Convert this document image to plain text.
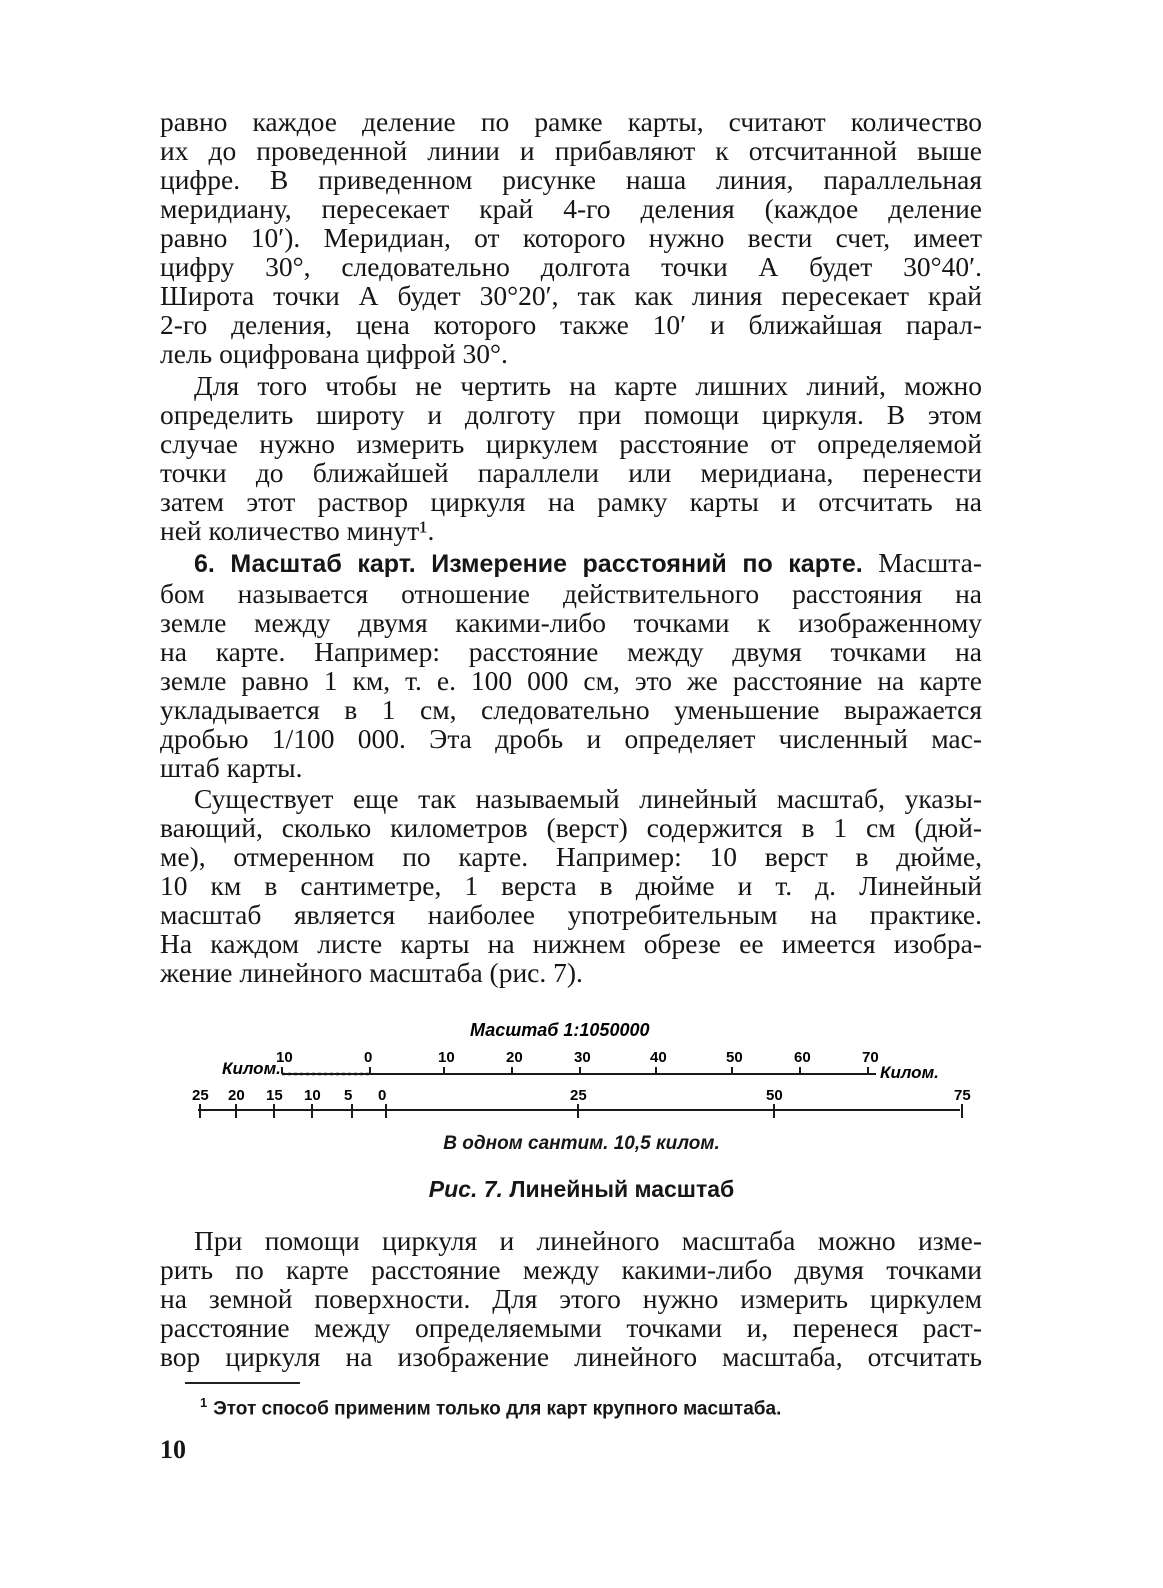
равно каждое деление по рамке карты, считают количество
их до проведенной линии и прибавляют к отсчитанной выше
цифре. В приведенном рисунке наша линия, параллельная
меридиану, пересекает край 4-го деления (каждое деление
равно 10′). Меридиан, от которого нужно вести счет, имеет
цифру 30°, следовательно долгота точки А будет 30°40′.
Широта точки А будет 30°20′, так как линия пересекает край
2-го деления, цена которого также 10′ и ближайшая парал-
лель оцифрована цифрой 30°.
Для того чтобы не чертить на карте лишних линий, можно
определить широту и долготу при помощи циркуля. В этом
случае нужно измерить циркулем расстояние от определяемой
точки до ближайшей параллели или меридиана, перенести
затем этот раствор циркуля на рамку карты и отсчитать на
ней количество минут¹.
6. Масштаб карт. Измерение расстояний по карте. Масшта-
бом называется отношение действительного расстояния на
земле между двумя какими-либо точками к изображенному
на карте. Например: расстояние между двумя точками на
земле равно 1 км, т. е. 100 000 см, это же расстояние на карте
укладывается в 1 см, следовательно уменьшение выражается
дробью 1/100 000. Эта дробь и определяет численный мас-
штаб карты.
Существует еще так называемый линейный масштаб, указы-
вающий, сколько километров (верст) содержится в 1 см (дюй-
ме), отмеренном по карте. Например: 10 верст в дюйме,
10 км в сантиметре, 1 верста в дюйме и т. д. Линейный
масштаб является наиболее употребительным на практике.
На каждом листе карты на нижнем обрезе ее имеется изобра-
жение линейного масштаба (рис. 7).
Масштаб 1:1050000
Килом.	Килом.
10	0	10	20	30	40	50	60	70
25 20 15 10 5 0	25	50	75
В одном сантим. 10,5 килом.
Рис. 7. Линейный масштаб
При помощи циркуля и линейного масштаба можно изме-
рить по карте расстояние между какими-либо двумя точками
на земной поверхности. Для этого нужно измерить циркулем
расстояние между определяемыми точками и, перенеся раст-
вор циркуля на изображение линейного масштаба, отсчитать
$^1$ Этот способ применим только для карт крупного масштаба.
10
